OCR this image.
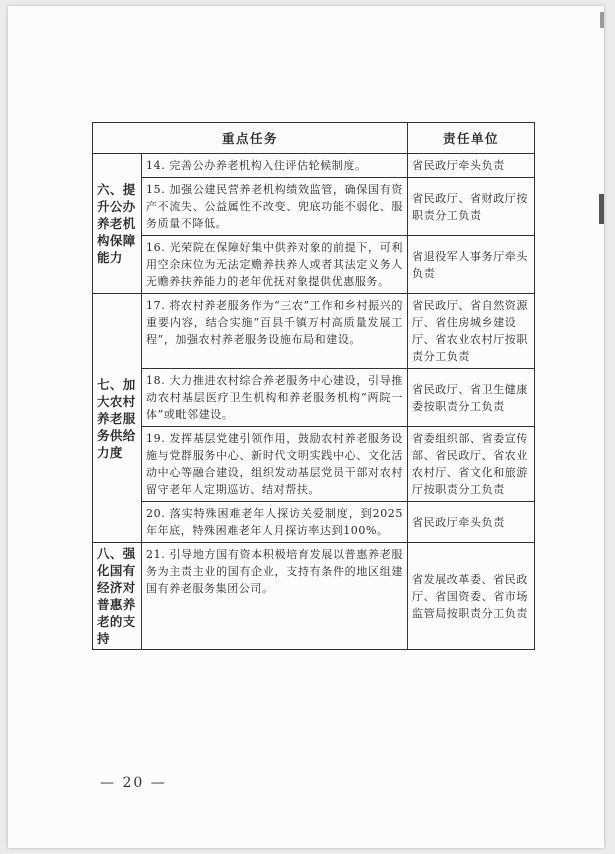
重点任务		责任单位
六、提升公办养老机构保障能力	14. 完善公办养老机构入住评估轮候制度。	省民政厅牵头负责
	15. 加强公建民营养老机构绩效监管，确保国有资产不流失、公益属性不改变、兜底功能不弱化、服务质量不降低。	省民政厅、省财政厅按职责分工负责
	16. 光荣院在保障好集中供养对象的前提下，可利用空余床位为无法定赡养扶养人或者其法定义务人无赡养扶养能力的老年优抚对象提供优惠服务。	省退役军人事务厅牵头负责
七、加大农村养老服务供给力度	17. 将农村养老服务作为“三农”工作和乡村振兴的重要内容，结合实施“百县千镇万村高质量发展工程”，加强农村养老服务设施布局和建设。	省民政厅、省自然资源厅、省住房城乡建设厅、省农业农村厅按职责分工负责
	18. 大力推进农村综合养老服务中心建设，引导推动农村基层医疗卫生机构和养老服务机构“两院一体”或毗邻建设。	省民政厅、省卫生健康委按职责分工负责
	19. 发挥基层党建引领作用，鼓励农村养老服务设施与党群服务中心、新时代文明实践中心、文化活动中心等融合建设，组织发动基层党员干部对农村留守老年人定期巡访、结对帮扶。	省委组织部、省委宣传部、省民政厅、省农业农村厅、省文化和旅游厅按职责分工负责
	20. 落实特殊困难老年人探访关爱制度，到2025年年底，特殊困难老年人月探访率达到100%。	省民政厅牵头负责
八、强化国有经济对普惠养老的支持	21. 引导地方国有资本积极培育发展以普惠养老服务为主责主业的国有企业，支持有条件的地区组建国有养老服务集团公司。	省发展改革委、省民政厅、省国资委、省市场监管局按职责分工负责
— 20 —
